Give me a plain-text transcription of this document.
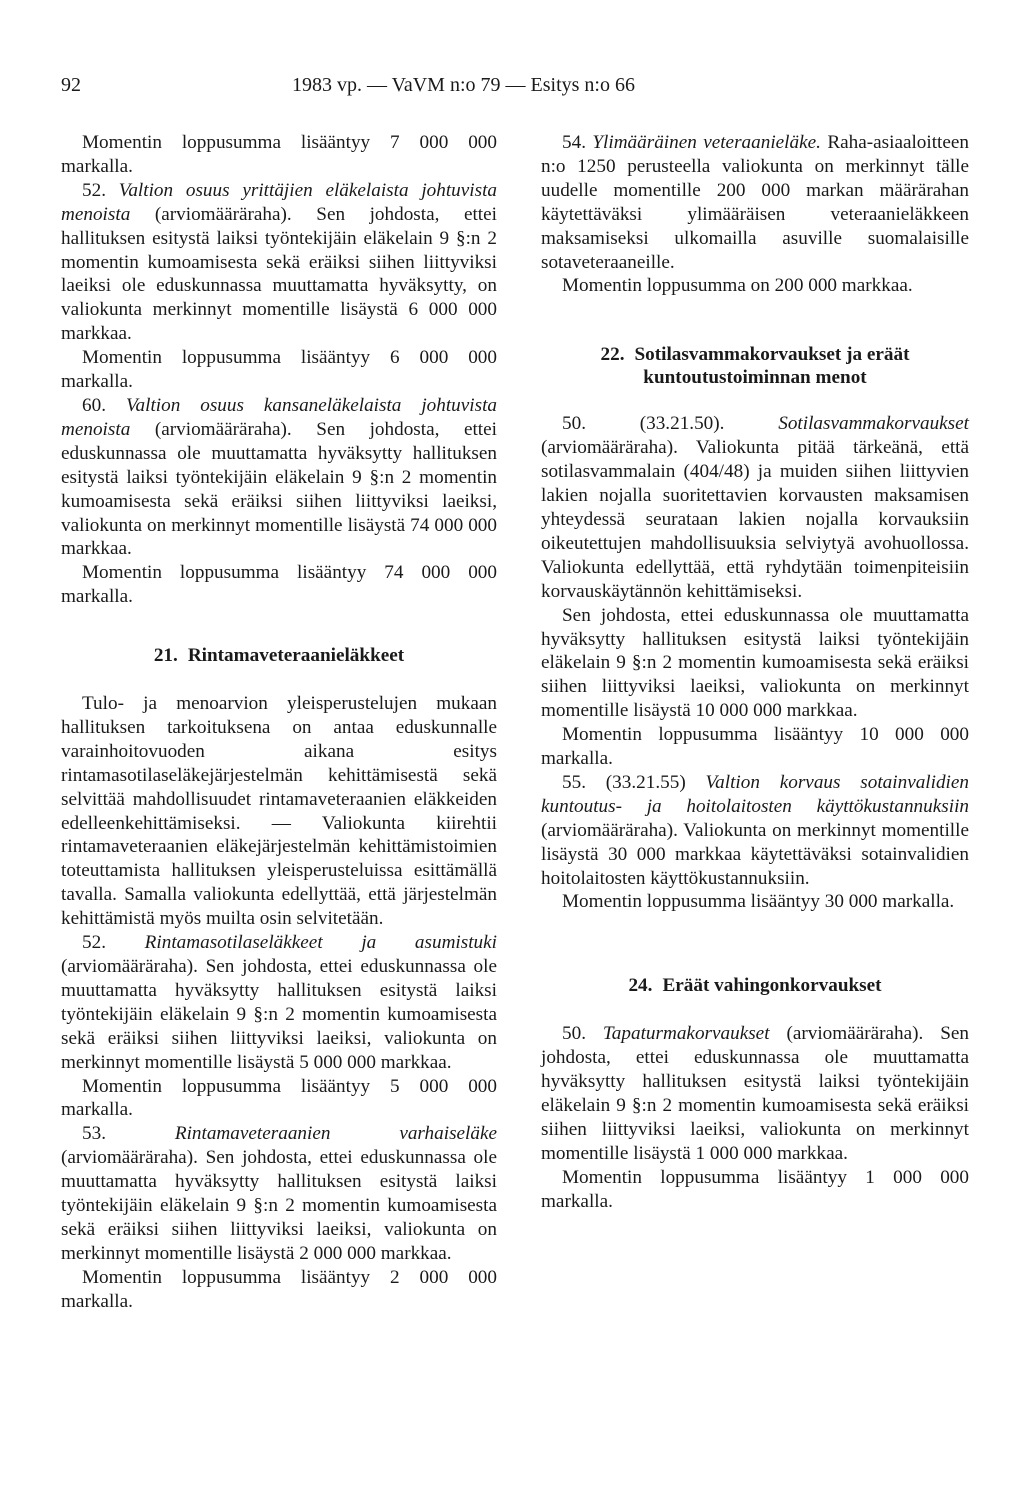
92	1983 vp. — VaVM n:o 79 — Esitys n:o 66

Momentin loppusumma lisääntyy 7 000 000 markalla.

52. Valtion osuus yrittäjien eläkelaista johtuvista menoista (arviomääräraha). Sen johdosta, ettei hallituksen esitystä laiksi työntekijäin eläkelain 9 §:n 2 momentin kumoamisesta sekä eräiksi siihen liittyviksi laeiksi ole eduskunnassa muuttamatta hyväksytty, on valiokunta merkinnyt momentille lisäystä 6 000 000 markkaa.

Momentin loppusumma lisääntyy 6 000 000 markalla.

60. Valtion osuus kansaneläkelaista johtuvista menoista (arviomääräraha). Sen johdosta, ettei eduskunnassa ole muuttamatta hyväksytty hallituksen esitystä laiksi työntekijäin eläkelain 9 §:n 2 momentin kumoamisesta sekä eräiksi siihen liittyviksi laeiksi, valiokunta on merkinnyt momentille lisäystä 74 000 000 markkaa.

Momentin loppusumma lisääntyy 74 000 000 markalla.

21. Rintamaveteraanieläkkeet

Tulo- ja menoarvion yleisperustelujen mukaan hallituksen tarkoituksena on antaa eduskunnalle varainhoitovuoden aikana esitys rintamasotilaseläkejärjestelmän kehittämisestä sekä selvittää mahdollisuudet rintamaveteraanien eläkkeiden edelleenkehittämiseksi. — Valiokunta kiirehtii rintamaveteraanien eläkejärjestelmän kehittämistoimien toteuttamista hallituksen yleisperusteluissa esittämällä tavalla. Samalla valiokunta edellyttää, että järjestelmän kehittämistä myös muilta osin selvitetään.

52. Rintamasotilaseläkkeet ja asumistuki (arviomääräraha). Sen johdosta, ettei eduskunnassa ole muuttamatta hyväksytty hallituksen esitystä laiksi työntekijäin eläkelain 9 §:n 2 momentin kumoamisesta sekä eräiksi siihen liittyviksi laeiksi, valiokunta on merkinnyt momentille lisäystä 5 000 000 markkaa.

Momentin loppusumma lisääntyy 5 000 000 markalla.

53.	Rintamaveteraanien varhaiseläke (arviomääräraha). Sen johdosta, ettei eduskunnassa ole muuttamatta hyväksytty hallituksen esitystä laiksi työntekijäin eläkelain 9 §:n 2 momentin kumoamisesta sekä eräiksi siihen liittyviksi laeiksi, valiokunta on merkinnyt momentille lisäystä 2 000 000 markkaa.

Momentin loppusumma lisääntyy 2 000 000 markalla.

54. Ylimääräinen veteraanieläke. Raha-asiaaloitteen n:o 1250 perusteella valiokunta on merkinnyt tälle uudelle momentille 200 000 markan määrärahan käytettäväksi ylimääräisen veteraanieläkkeen maksamiseksi ulkomailla asuville suomalaisille sotaveteraaneille.

Momentin loppusumma on 200 000 markkaa.

22. Sotilasvammakorvaukset ja eräät kuntoutustoiminnan menot

50. (33.21.50).	Sotilasvammakorvaukset (arviomääräraha). Valiokunta pitää tärkeänä, että sotilasvammalain (404/48) ja muiden siihen liittyvien lakien nojalla suoritettavien korvausten maksamisen yhteydessä seurataan lakien nojalla korvauksiin oikeutettujen mahdollisuuksia selviytyä avohuollossa. Valiokunta edellyttää, että ryhdytään toimenpiteisiin korvauskäytännön kehittämiseksi.

Sen johdosta, ettei eduskunnassa ole muuttamatta hyväksytty hallituksen esitystä laiksi työntekijäin eläkelain 9 §:n 2 momentin kumoamisesta sekä eräiksi siihen liittyviksi laeiksi, valiokunta on merkinnyt momentille lisäystä 10 000 000 markkaa.

Momentin loppusumma lisääntyy 10 000 000 markalla.

55. (33.21.55) Valtion korvaus sotainvalidien kuntoutus- ja hoitolaitosten käyttökustannuksiin (arviomääräraha). Valiokunta on merkinnyt momentille lisäystä 30 000 markkaa käytettäväksi sotainvalidien hoitolaitosten käyttökustannuksiin.

Momentin loppusumma lisääntyy 30 000 markalla.

24. Eräät vahingonkorvaukset

50. Tapaturmakorvaukset (arviomääräraha). Sen johdosta, ettei eduskunnassa ole muuttamatta hyväksytty hallituksen esitystä laiksi työntekijäin eläkelain 9 §:n 2 momentin kumoamisesta sekä eräiksi siihen liittyviksi laeiksi, valiokunta on merkinnyt momentille lisäystä 1 000 000 markkaa.

Momentin loppusumma lisääntyy 1 000 000 markalla.
